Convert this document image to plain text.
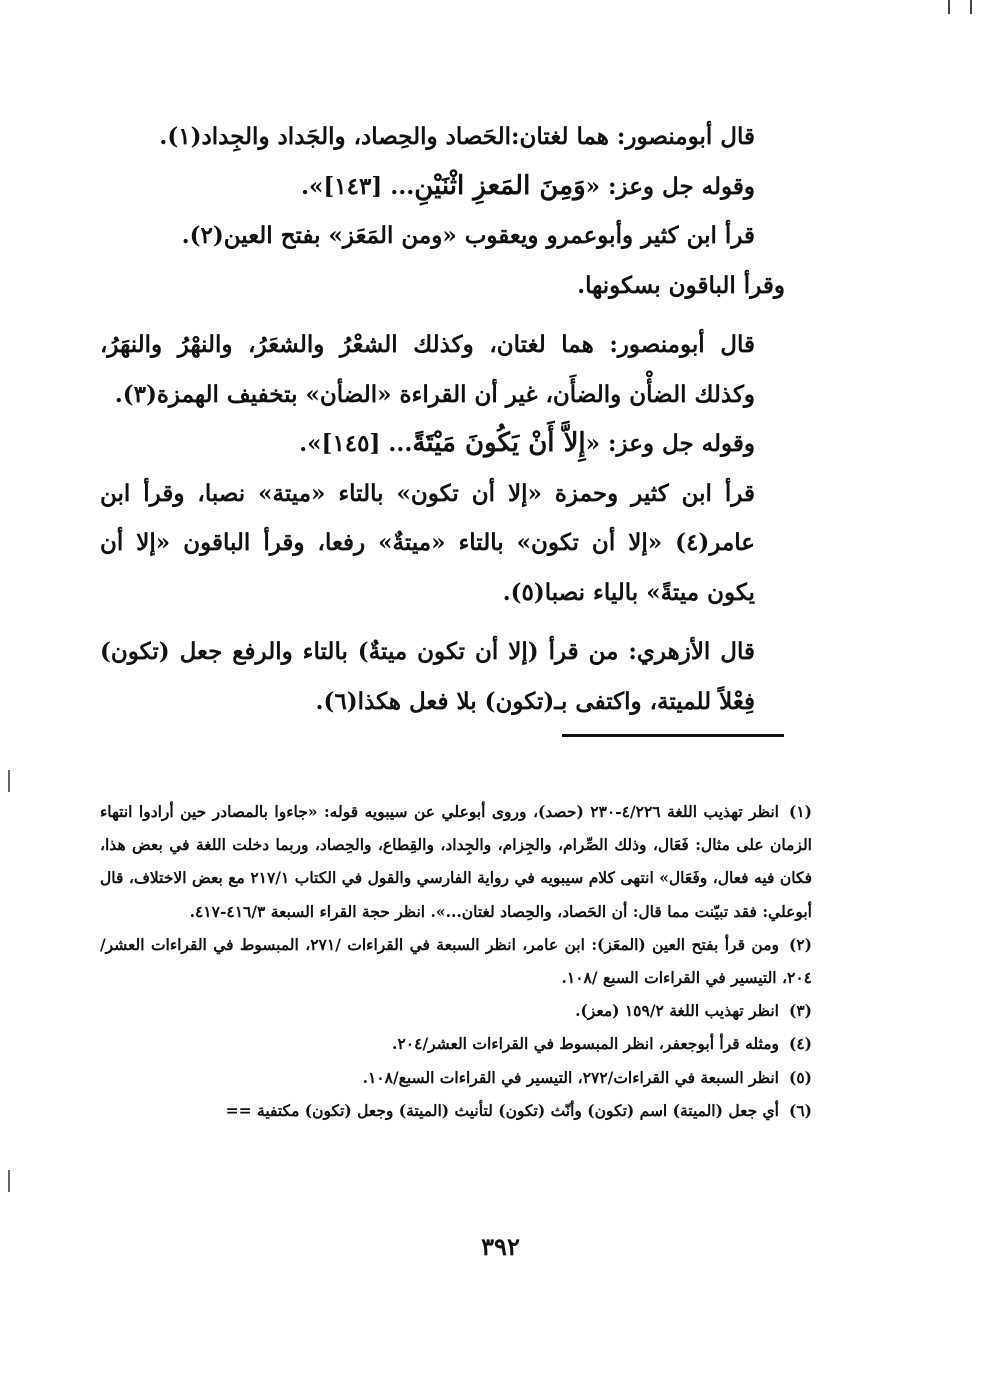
قال أبومنصور: هما لغتان:الحَصاد والحِصاد، والجَداد والجِداد(١).

وقوله جل وعز: «وَمِنَ المَعزِ اثْنَيْنِ... [١٤٣]».

قرأ ابن كثير وأبوعمرو ويعقوب «ومن المَعَز» بفتح العين(٢).

وقرأ الباقون بسكونها.

قال أبومنصور: هما لغتان، وكذلك الشعْرُ والشعَرُ، والنهْرُ والنهَرُ، وكذلك الضأْن والضأَن، غير أن القراءة «الضأن» بتخفيف الهمزة(٣).

وقوله جل وعز: «إِلاَّ أَنْ يَكُونَ مَيْتَةً... [١٤٥]».

قرأ ابن كثير وحمزة «إلا أن تكون» بالتاء «ميتة» نصبا، وقرأ ابن عامر(٤) «إلا أن تكون» بالتاء «ميتةٌ» رفعا، وقرأ الباقون «إلا أن يكون ميتةً» بالياء نصبا(٥).

قال الأزهري: من قرأ (إلا أن تكون ميتةٌ) بالتاء والرفع جعل (تكون) فِعْلاً للميتة، واكتفى بـ(تكون) بلا فعل هكذا(٦).

(١)انظر تهذيب اللغة ٤/٢٢٦-٢٣٠ (حصد)، وروى أبوعلي عن سيبويه قوله: «جاءوا بالمصادر حين أرادوا انتهاء الزمان على مثال: فَعَال، وذلك الصِّرام، والجِزام، والجِداد، والقِطاع، والحِصاد، وربما دخلت اللغة في بعض هذا، فكان فيه فعال، وفَعَال» انتهى كلام سيبويه في رواية الفارسي والقول في الكتاب ٢١٧/١ مع بعض الاختلاف، قال أبوعلي: فقد تبيّنت مما قال: أن الحَصاد، والحِصاد لغتان...». انظر حجة القراء السبعة ٤١٦/٣-٤١٧.

(٢)ومن قرأ بفتح العين (المعَز): ابن عامر، انظر السبعة في القراءات /٢٧١، المبسوط في القراءات العشر/٢٠٤، التيسير في القراءات السبع /١٠٨.

(٣)انظر تهذيب اللغة ١٥٩/٢ (معز).

(٤)ومثله قرأ أبوجعفر، انظر المبسوط في القراءات العشر/٢٠٤.

(٥)انظر السبعة في القراءات/٢٧٢، التيسير في القراءات السبع/١٠٨.

(٦)أي جعل (الميتة) اسم (تكون) وأنّث (تكون) لتأنيث (الميتة) وجعل (تكون) مكتفية ==

٣٩٢
